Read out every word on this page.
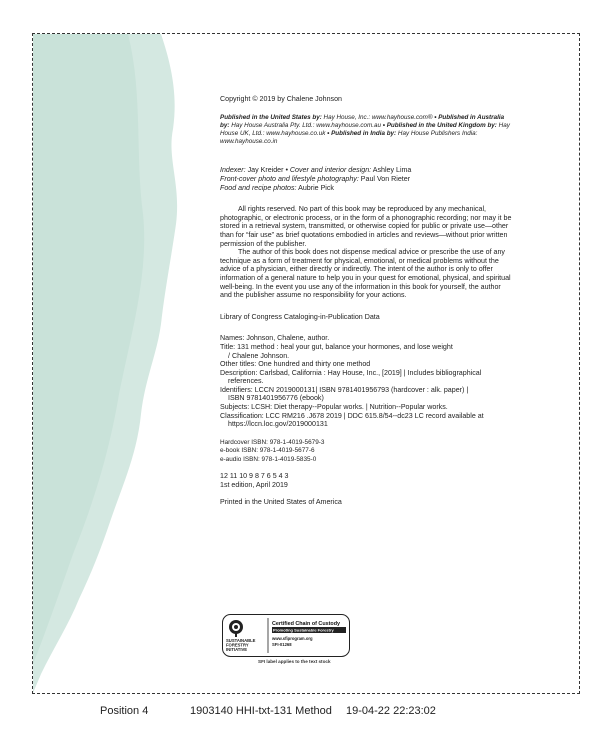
Copyright © 2019 by Chalene Johnson

Published in the United States by: Hay House, Inc.: www.hayhouse.com® • Published in Australia by: Hay House Australia Pty. Ltd.: www.hayhouse.com.au • Published in the United Kingdom by: Hay House UK, Ltd.: www.hayhouse.co.uk • Published in India by: Hay House Publishers India: www.hayhouse.co.in

Indexer: Jay Kreider • Cover and interior design: Ashley Lima
Front-cover photo and lifestyle photography: Paul Von Rieter
Food and recipe photos: Aubrie Pick

All rights reserved. No part of this book may be reproduced by any mechanical, photographic, or electronic process, or in the form of a phonographic recording; nor may it be stored in a retrieval system, transmitted, or otherwise copied for public or private use—other than for “fair use” as brief quotations embodied in articles and reviews—without prior written permission of the publisher.

The author of this book does not dispense medical advice or prescribe the use of any technique as a form of treatment for physical, emotional, or medical problems without the advice of a physician, either directly or indirectly. The intent of the author is only to offer information of a general nature to help you in your quest for emotional, physical, and spiritual well-being. In the event you use any of the information in this book for yourself, the author and the publisher assume no responsibility for your actions.

Library of Congress Cataloging-in-Publication Data

Names: Johnson, Chalene, author.

Title: 131 method : heal your gut, balance your hormones, and lose weight

/ Chalene Johnson.

Other titles: One hundred and thirty one method

Description: Carlsbad, California : Hay House, Inc., [2019] | Includes bibliographical references.

Identifiers: LCCN 2019000131| ISBN 9781401956793 (hardcover : alk. paper) |

ISBN 9781401956776 (ebook)

Subjects: LCSH: Diet therapy--Popular works. | Nutrition--Popular works.

Classification: LCC RM216 .J678 2019 | DDC 615.8/54--dc23 LC record available at https://lccn.loc.gov/2019000131

Hardcover ISBN: 978-1-4019-5679-3

e-book ISBN: 978-1-4019-5677-6

e-audio ISBN: 978-1-4019-5835-0

12 11 10 9 8 7 6 5 4 3

1st edition, April 2019

Printed in the United States of America

SUSTAINABLE
FORESTRY
INITIATIVE
Certified Chain of Custody
Promoting Sustainable Forestry
www.sfiprogram.org
SFI-01268
SFI label applies to the text stock
Position 4	1903140 HHI-txt-131 Method 19-04-22 22:23:02
